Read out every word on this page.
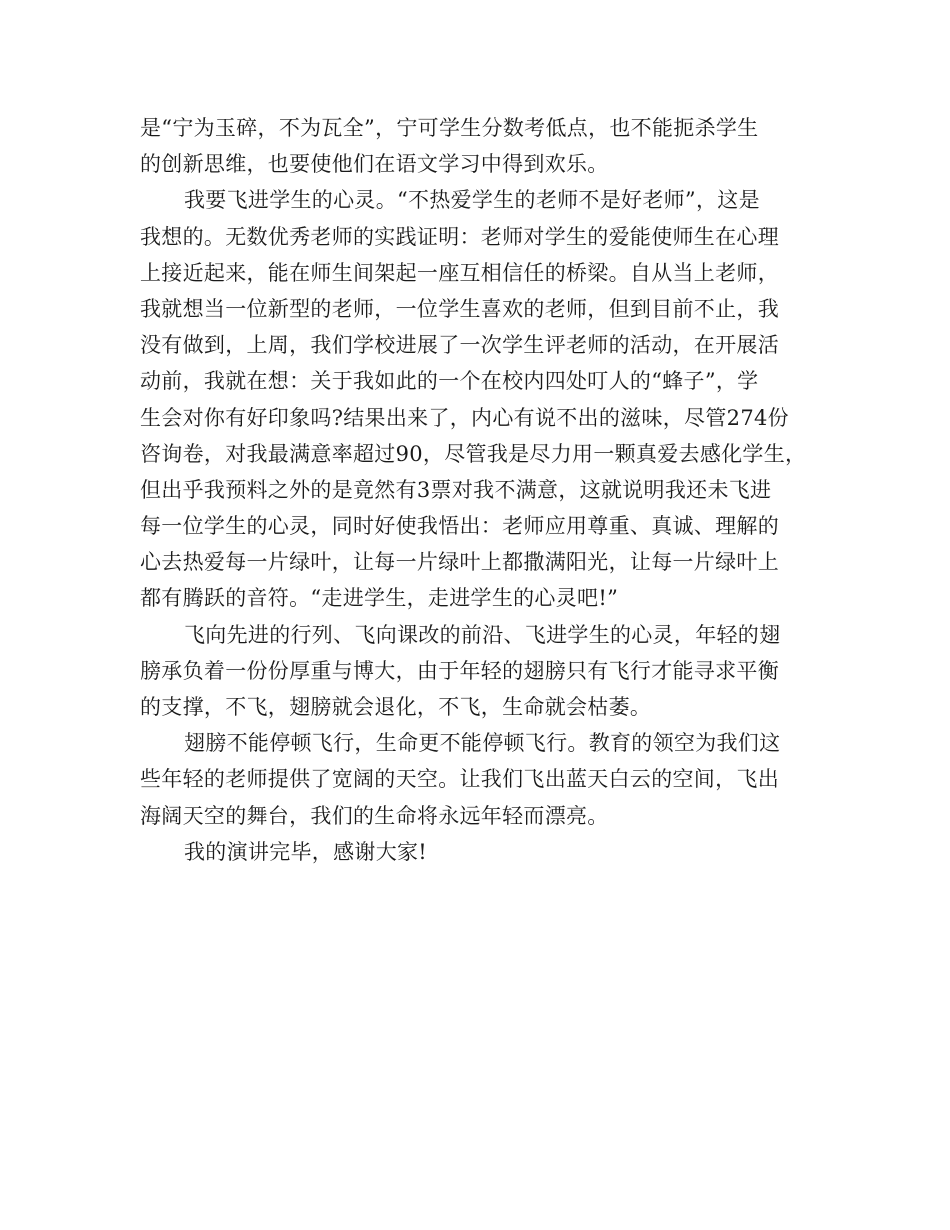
是“宁为玉碎，不为瓦全”，宁可学生分数考低点，也不能扼杀学生
的创新思维，也要使他们在语文学习中得到欢乐。
我要飞进学生的心灵。“不热爱学生的老师不是好老师”，这是
我想的。无数优秀老师的实践证明：老师对学生的爱能使师生在心理
上接近起来，能在师生间架起一座互相信任的桥梁。自从当上老师，
我就想当一位新型的老师，一位学生喜欢的老师，但到目前不止，我
没有做到，上周，我们学校进展了一次学生评老师的活动，在开展活
动前，我就在想：关于我如此的一个在校内四处叮人的“蜂子”，学
生会对你有好印象吗?结果出来了，内心有说不出的滋味，尽管274份
咨询卷，对我最满意率超过90，尽管我是尽力用一颗真爱去感化学生，
但出乎我预料之外的是竟然有3票对我不满意，这就说明我还未飞进
每一位学生的心灵，同时好使我悟出：老师应用尊重、真诚、理解的
心去热爱每一片绿叶，让每一片绿叶上都撒满阳光，让每一片绿叶上
都有腾跃的音符。“走进学生，走进学生的心灵吧!”
飞向先进的行列、飞向课改的前沿、飞进学生的心灵，年轻的翅
膀承负着一份份厚重与博大，由于年轻的翅膀只有飞行才能寻求平衡
的支撑，不飞，翅膀就会退化，不飞，生命就会枯萎。
翅膀不能停顿飞行，生命更不能停顿飞行。教育的领空为我们这
些年轻的老师提供了宽阔的天空。让我们飞出蓝天白云的空间，飞出
海阔天空的舞台，我们的生命将永远年轻而漂亮。
我的演讲完毕，感谢大家!
